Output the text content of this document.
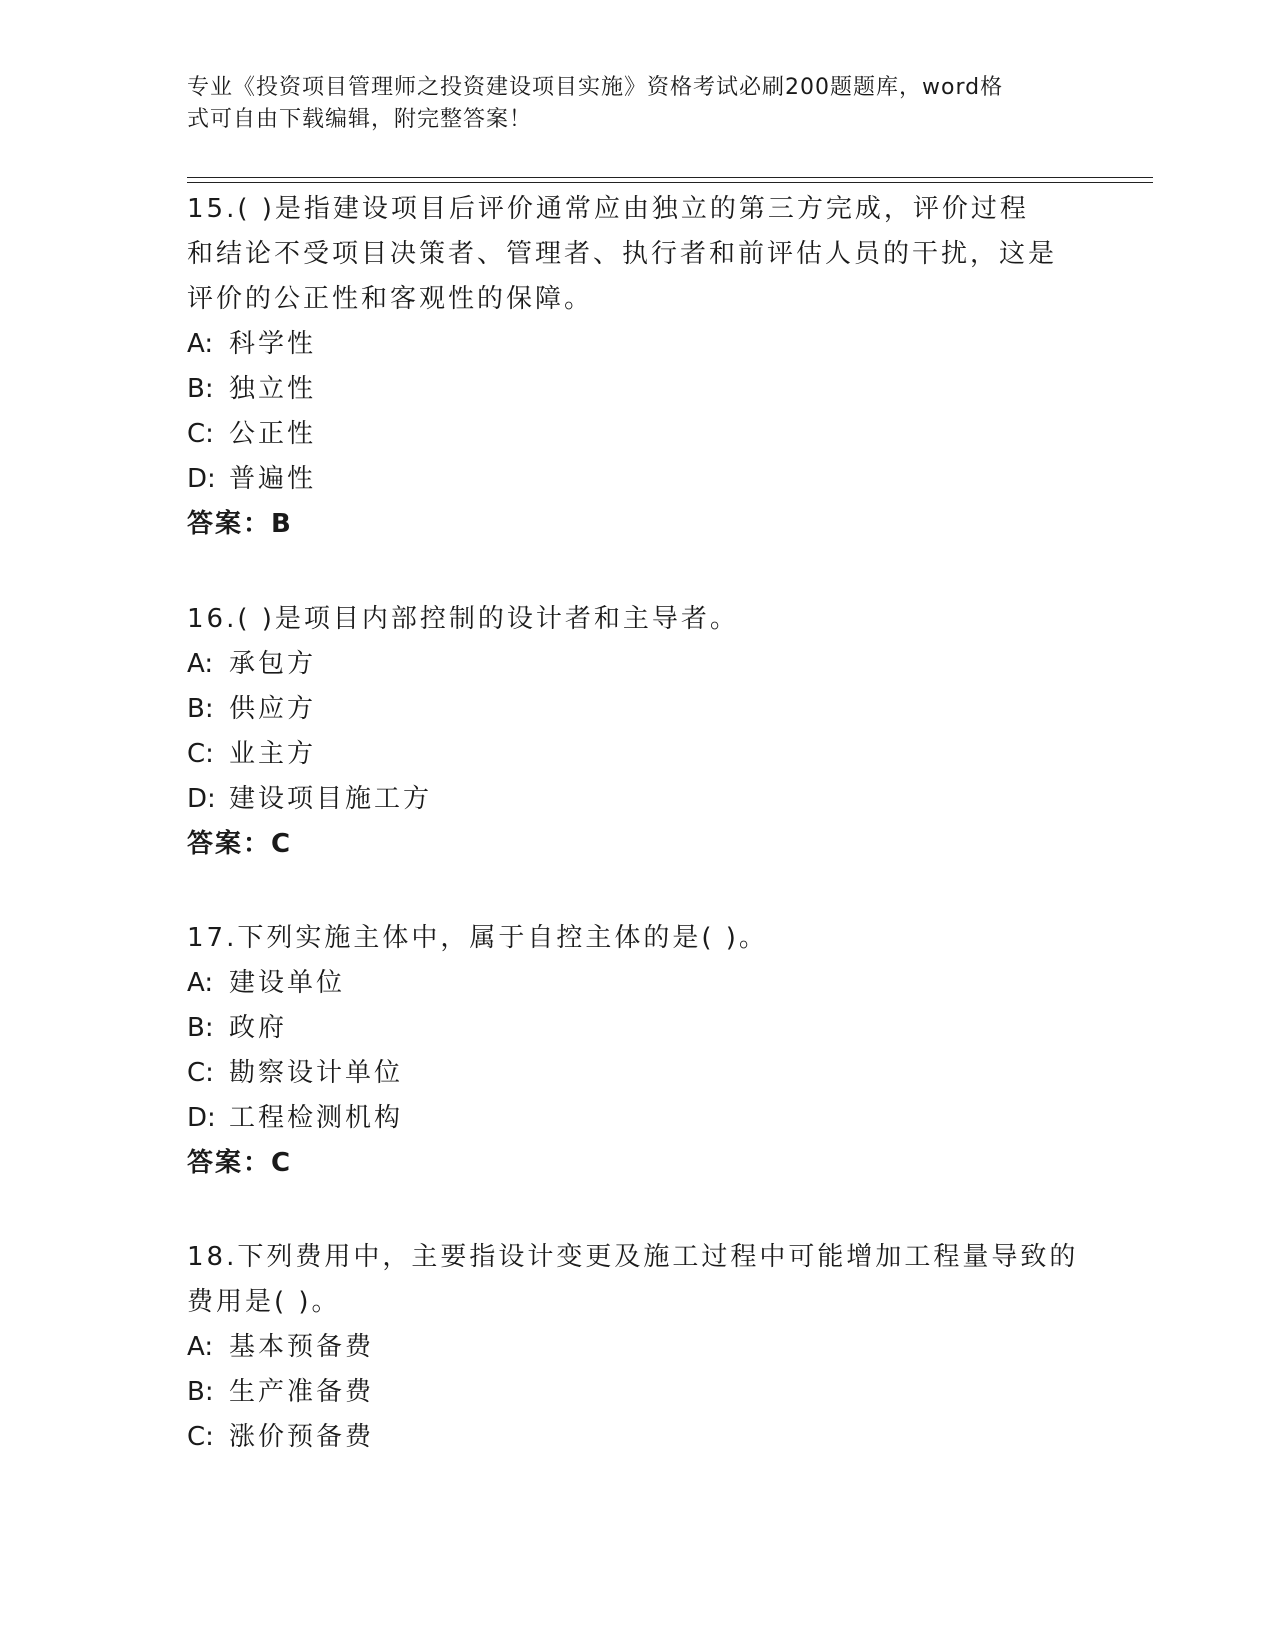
专业《投资项目管理师之投资建设项目实施》资格考试必刷200题题库，word格

式可自由下载编辑，附完整答案！

15.( )是指建设项目后评价通常应由独立的第三方完成，评价过程

和结论不受项目决策者、管理者、执行者和前评估人员的干扰，这是

评价的公正性和客观性的保障。

A: 科学性

B: 独立性

C: 公正性

D: 普遍性

答案：B

16.( )是项目内部控制的设计者和主导者。

A: 承包方

B: 供应方

C: 业主方

D: 建设项目施工方

答案：C

17.下列实施主体中，属于自控主体的是( )。

A: 建设单位

B: 政府

C: 勘察设计单位

D: 工程检测机构

答案：C

18.下列费用中，主要指设计变更及施工过程中可能增加工程量导致的

费用是( )。

A: 基本预备费

B: 生产准备费

C: 涨价预备费
